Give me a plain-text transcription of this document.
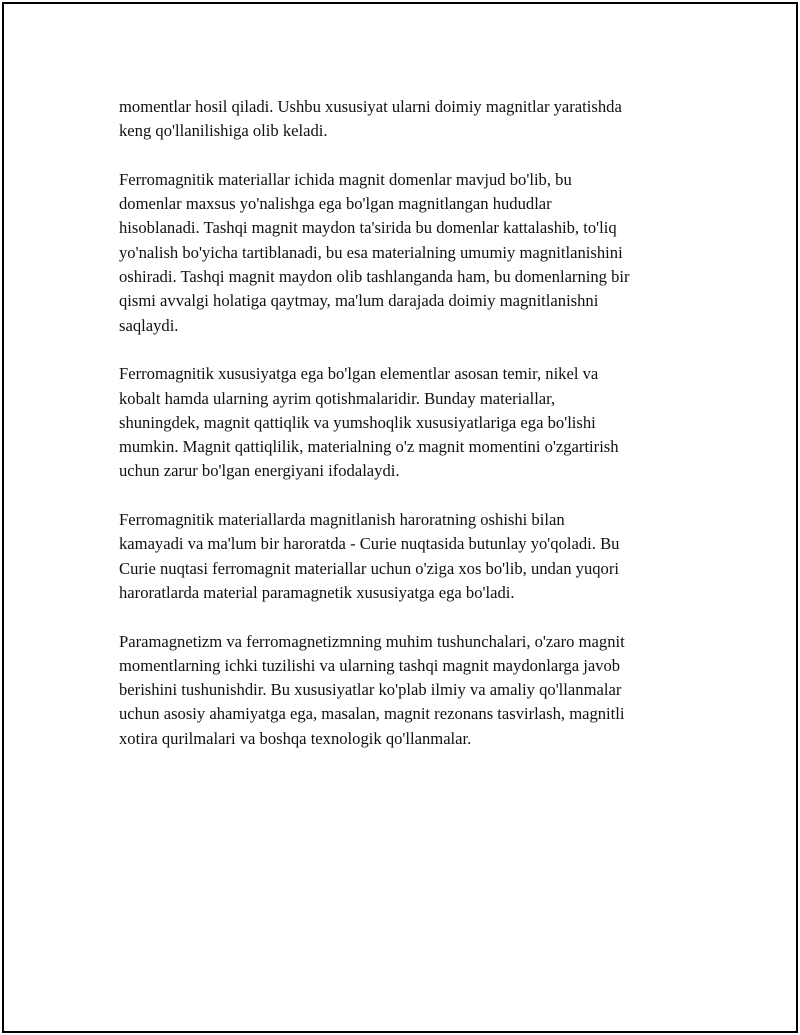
momentlar hosil qiladi. Ushbu xususiyat ularni doimiy magnitlar yaratishda
keng qo'llanilishiga olib keladi.

Ferromagnitik materiallar ichida magnit domenlar mavjud bo'lib, bu
domenlar maxsus yo'nalishga ega bo'lgan magnitlangan hududlar
hisoblanadi. Tashqi magnit maydon ta'sirida bu domenlar kattalashib, to'liq
yo'nalish bo'yicha tartiblanadi, bu esa materialning umumiy magnitlanishini
oshiradi. Tashqi magnit maydon olib tashlanganda ham, bu domenlarning bir
qismi avvalgi holatiga qaytmay, ma'lum darajada doimiy magnitlanishni
saqlaydi.

Ferromagnitik xususiyatga ega bo'lgan elementlar asosan temir, nikel va
kobalt hamda ularning ayrim qotishmalaridir. Bunday materiallar,
shuningdek, magnit qattiqlik va yumshoqlik xususiyatlariga ega bo'lishi
mumkin. Magnit qattiqlilik, materialning o'z magnit momentini o'zgartirish
uchun zarur bo'lgan energiyani ifodalaydi.

Ferromagnitik materiallarda magnitlanish haroratning oshishi bilan
kamayadi va ma'lum bir haroratda - Curie nuqtasida butunlay yo'qoladi. Bu
Curie nuqtasi ferromagnit materiallar uchun o'ziga xos bo'lib, undan yuqori
haroratlarda material paramagnetik xususiyatga ega bo'ladi.

Paramagnetizm va ferromagnetizmning muhim tushunchalari, o'zaro magnit
momentlarning ichki tuzilishi va ularning tashqi magnit maydonlarga javob
berishini tushunishdir. Bu xususiyatlar ko'plab ilmiy va amaliy qo'llanmalar
uchun asosiy ahamiyatga ega, masalan, magnit rezonans tasvirlash, magnitli
xotira qurilmalari va boshqa texnologik qo'llanmalar.
